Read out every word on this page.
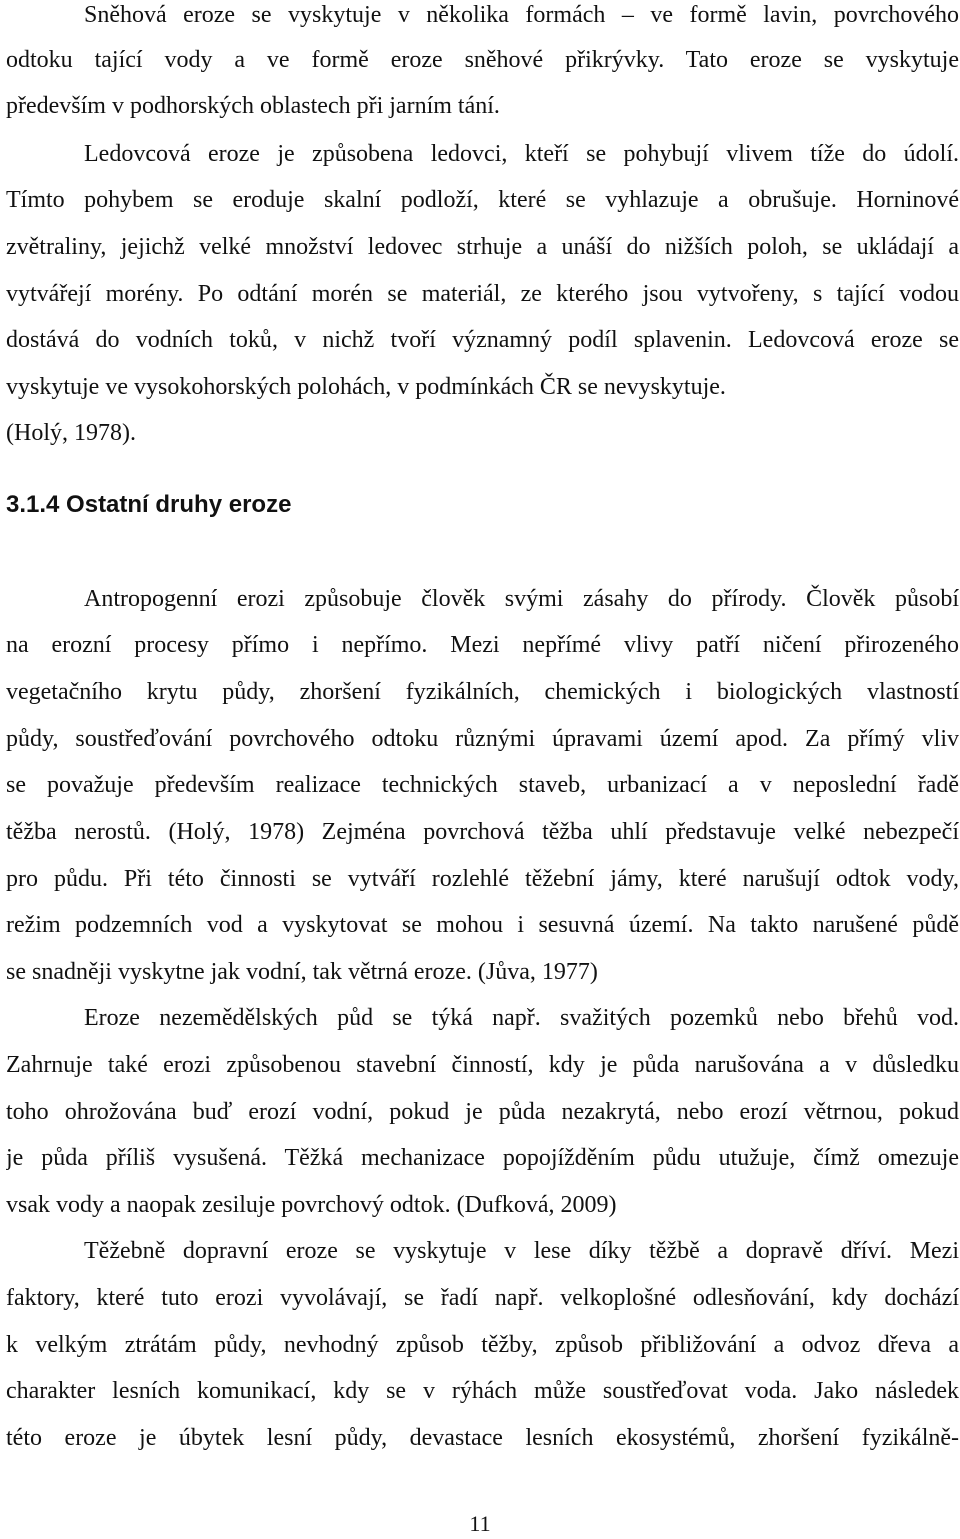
Sněhová eroze se vyskytuje v několika formách – ve formě lavin, povrchového
odtoku tající vody a ve formě eroze sněhové přikrývky. Tato eroze se vyskytuje
především v podhorských oblastech při jarním tání.
Ledovcová eroze je způsobena ledovci, kteří se pohybují vlivem tíže do údolí.
Tímto pohybem se eroduje skalní podloží, které se vyhlazuje a obrušuje. Horninové
zvětraliny, jejichž velké množství ledovec strhuje a unáší do nižších poloh, se ukládají a
vytvářejí morény. Po odtání morén se materiál, ze kterého jsou vytvořeny, s tající vodou
dostává do vodních toků, v nichž tvoří významný podíl splavenin. Ledovcová eroze se
vyskytuje ve vysokohorských polohách, v podmínkách ČR se nevyskytuje.
(Holý, 1978).
3.1.4 Ostatní druhy eroze
Antropogenní erozi způsobuje člověk svými zásahy do přírody. Člověk působí
na erozní procesy přímo i nepřímo. Mezi nepřímé vlivy patří ničení přirozeného
vegetačního krytu půdy, zhoršení fyzikálních, chemických i biologických vlastností
půdy, soustřeďování povrchového odtoku různými úpravami území apod. Za přímý vliv
se považuje především realizace technických staveb, urbanizací a v neposlední řadě
těžba nerostů. (Holý, 1978) Zejména povrchová těžba uhlí představuje velké nebezpečí
pro půdu. Při této činnosti se vytváří rozlehlé těžební jámy, které narušují odtok vody,
režim podzemních vod a vyskytovat se mohou i sesuvná území. Na takto narušené půdě
se snadněji vyskytne jak vodní, tak větrná eroze. (Jůva, 1977)
Eroze nezemědělských půd se týká např. svažitých pozemků nebo břehů vod.
Zahrnuje také erozi způsobenou stavební činností, kdy je půda narušována a v důsledku
toho ohrožována buď erozí vodní, pokud je půda nezakrytá, nebo erozí větrnou, pokud
je půda příliš vysušená. Těžká mechanizace popojížděním půdu utužuje, čímž omezuje
vsak vody a naopak zesiluje povrchový odtok. (Dufková, 2009)
Těžebně dopravní eroze se vyskytuje v lese díky těžbě a dopravě dříví. Mezi
faktory, které tuto erozi vyvolávají, se řadí např. velkoplošné odlesňování, kdy dochází
k velkým ztrátám půdy, nevhodný způsob těžby, způsob přibližování a odvoz dřeva a
charakter lesních komunikací, kdy se v rýhách může soustřeďovat voda. Jako následek
této eroze je úbytek lesní půdy, devastace lesních ekosystémů, zhoršení fyzikálně-
11
